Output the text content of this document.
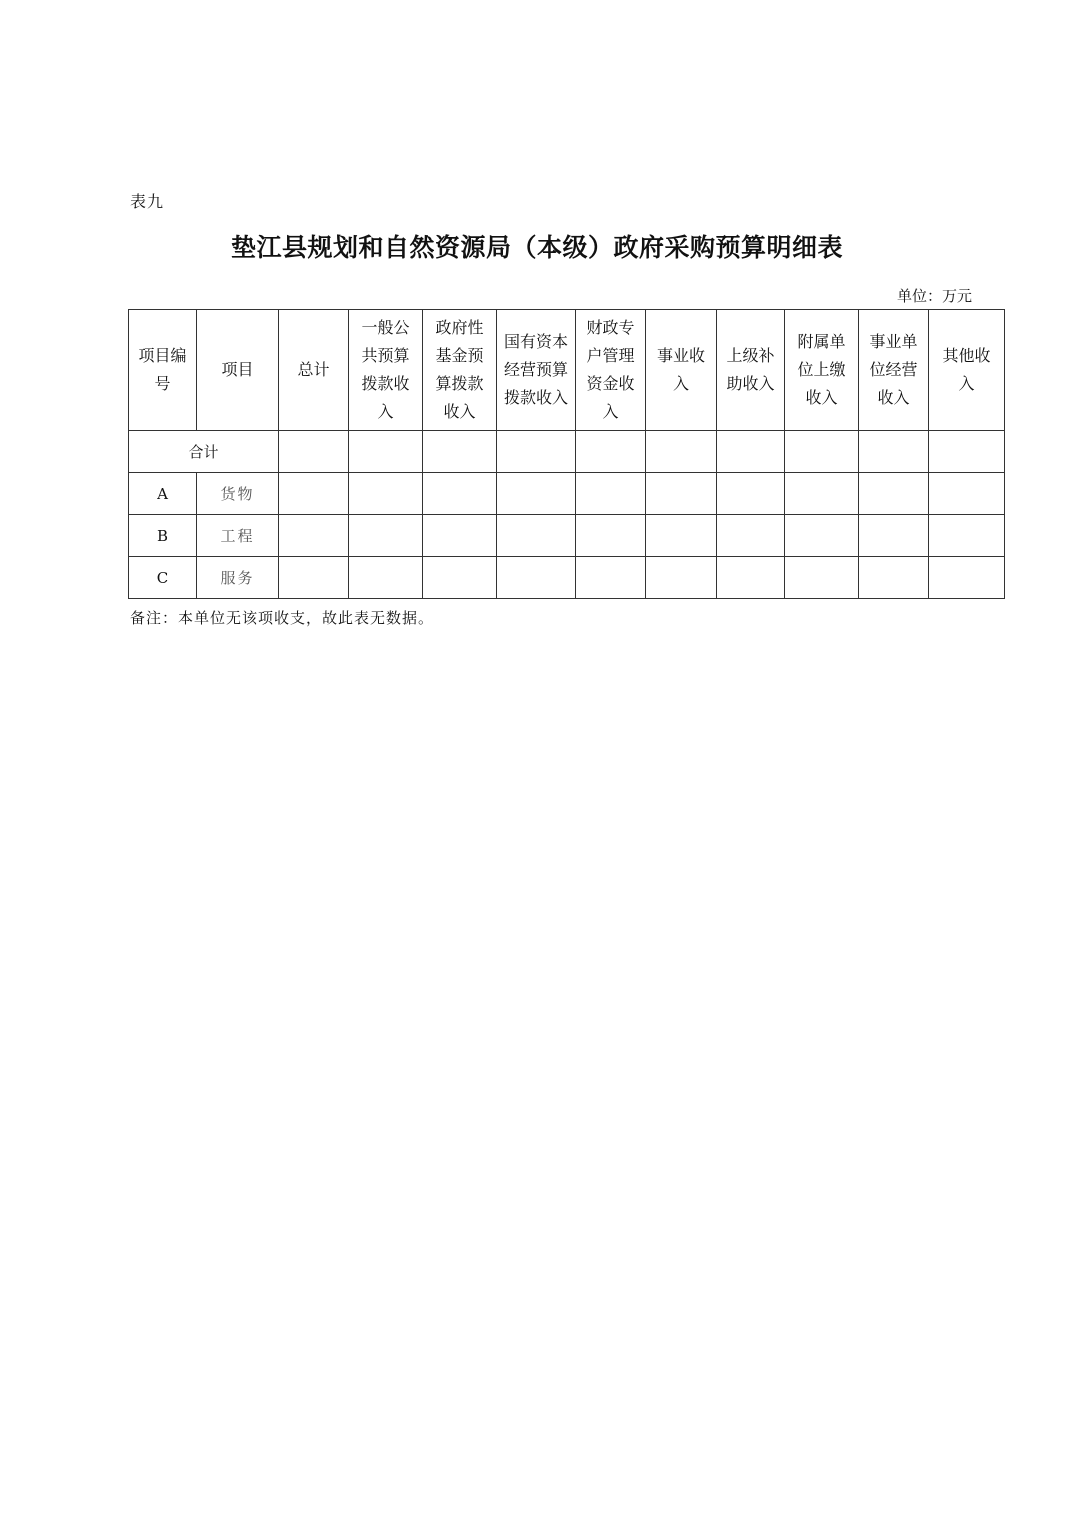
表九
垫江县规划和自然资源局（本级）政府采购预算明细表
单位：万元
项目编号	项目	总计	一般公共预算拨款收入	政府性基金预算拨款收入	国有资本经营预算拨款收入	财政专户管理资金收入	事业收入	上级补助收入	附属单位上缴收入	事业单位经营收入	其他收入
合计											
A	货物										
B	工程										
C	服务										
备注：本单位无该项收支，故此表无数据。
